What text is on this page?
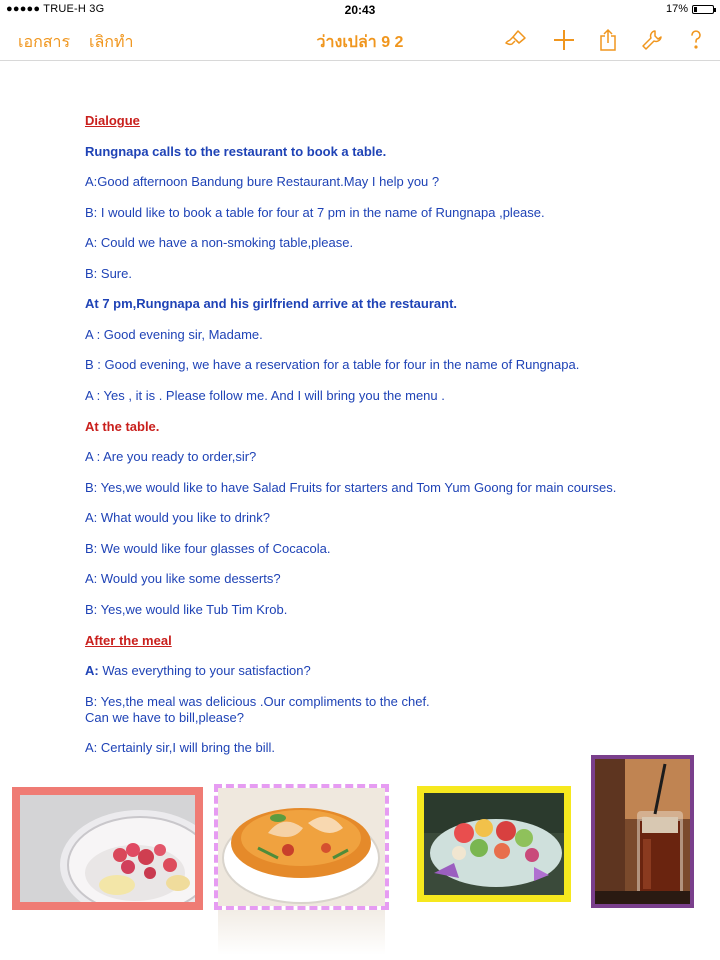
●●●●● TRUE-H 3G	20:43	17%
เอกสาร เลิกทำ	ว่างเปล่า 9 2
Dialogue
Rungnapa calls to the restaurant to book a table.
A:Good afternoon Bandung bure Restaurant.May I help you ?
B: I would like to book a table for four at 7 pm in the name of Rungnapa ,please.
A: Could we have a non-smoking table,please.
B: Sure.
At 7 pm,Rungnapa and his girlfriend arrive at the restaurant.
A : Good evening sir, Madame.
B : Good evening, we have a reservation for a table for four in the name of Rungnapa.
A : Yes , it is . Please follow me. And I will bring you the menu .
At the table.
A : Are you ready to order,sir?
B: Yes,we would like to have Salad Fruits for starters and Tom Yum Goong for main courses.
A: What would you like to drink?
B: We would like four glasses of Cocacola.
A: Would you like some desserts?
B: Yes,we would like Tub Tim Krob.
After the meal
A: Was everything to your satisfaction?
B: Yes,the meal was delicious .Our compliments to the chef.
Can we have to bill,please?
A: Certainly sir,I will bring the bill.
